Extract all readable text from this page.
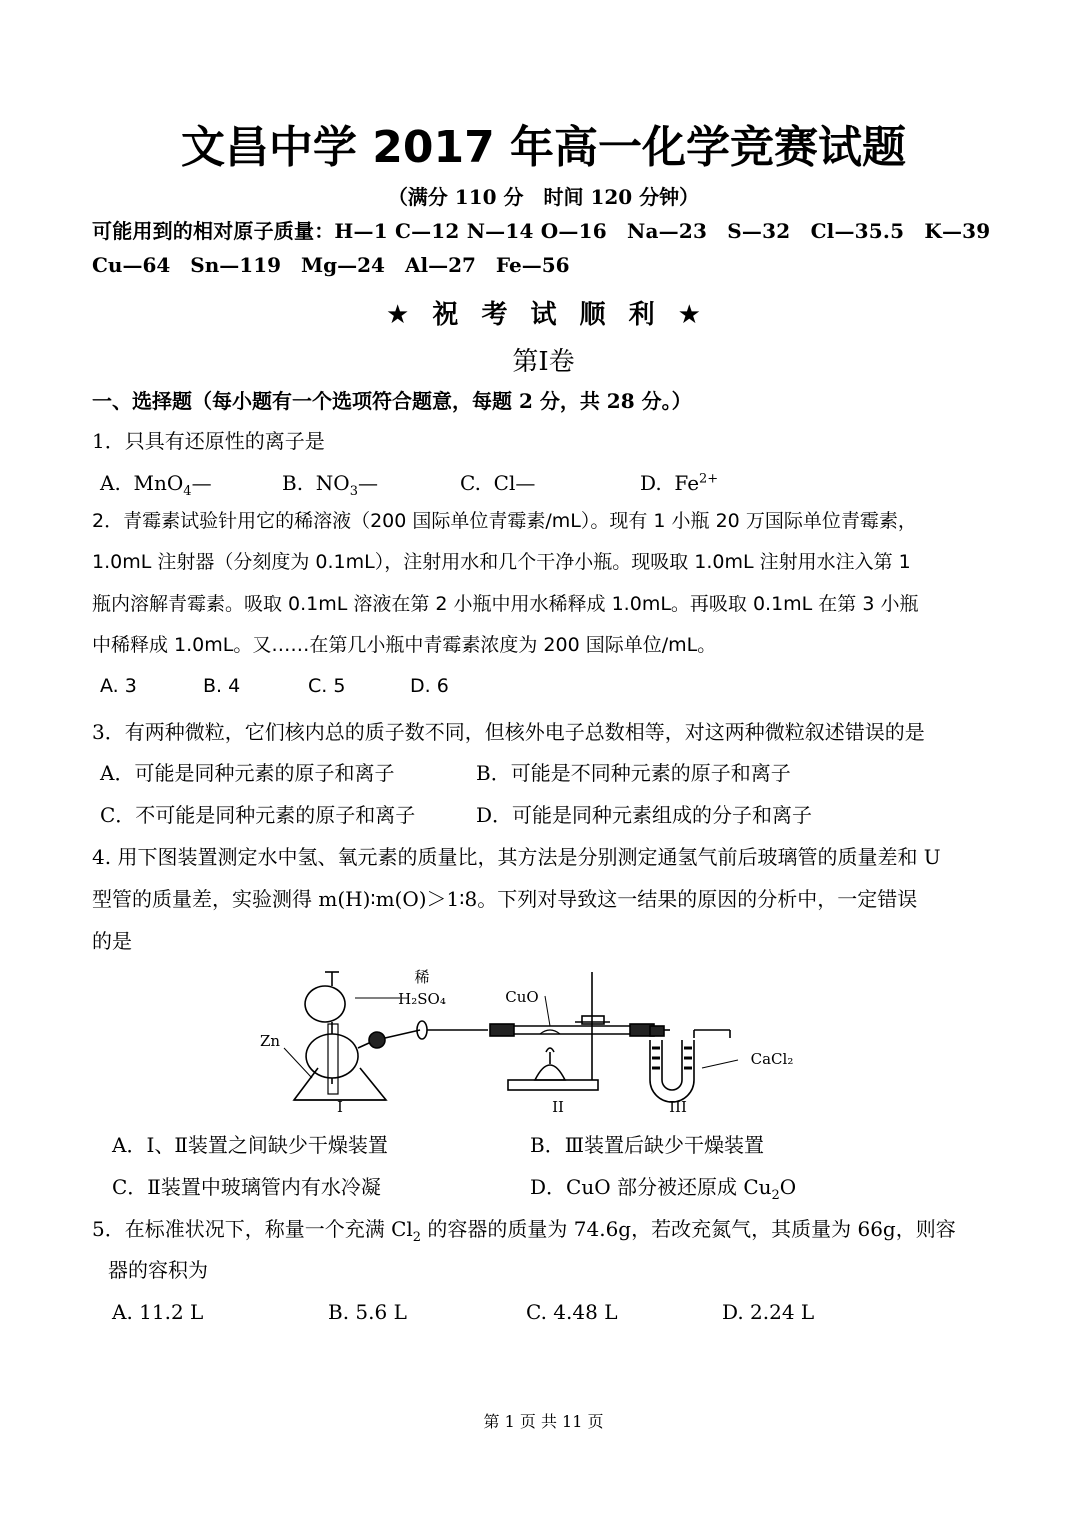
文昌中学 2017 年高一化学竞赛试题
（满分 110 分　时间 120 分钟）
可能用到的相对原子质量：H—1 C—12 N—14 O—16　Na—23　S—32　Cl—35.5　K—39
Cu—64　Sn—119　Mg—24　Al—27　Fe—56
★ 祝 考 试 顺 利 ★
第Ⅰ卷
一、选择题（每小题有一个选项符合题意，每题 2 分，共 28 分。）
1．只具有还原性的离子是
A. MnO$_4$—	B. $NO_3—$	C. Cl—	D. $Fe^{2+}$
2．青霉素试验针用它的稀溶液（200 国际单位青霉素/mL）。现有 1 小瓶 20 万国际单位青霉素，
1.0mL 注射器（分刻度为 0.1mL），注射用水和几个干净小瓶。现吸取 1.0mL 注射用水注入第 1
瓶内溶解青霉素。吸取 0.1mL 溶液在第 2 小瓶中用水稀释成 1.0mL。再吸取 0.1mL 在第 3 小瓶
中稀释成 1.0mL。又……在第几小瓶中青霉素浓度为 200 国际单位/mL。
A. 3	B. 4	C. 5	D. 6
3．有两种微粒，它们核内总的质子数不同，但核外电子总数相等，对这两种微粒叙述错误的是
A．可能是同种元素的原子和离子	B．可能是不同种元素的原子和离子
C．不可能是同种元素的原子和离子	D．可能是同种元素组成的分子和离子
4. 用下图装置测定水中氢、氧元素的质量比，其方法是分别测定通氢气前后玻璃管的质量差和 U
型管的质量差，实验测得 m(H)∶m(O)＞1∶8。下列对导致这一结果的原因的分析中，一定错误
的是
稀
H₂SO₄	CuO
Zn
CaCl₂
I	II	III
A．Ⅰ、Ⅱ装置之间缺少干燥装置	B．Ⅲ装置后缺少干燥装置
C．Ⅱ装置中玻璃管内有水冷凝	D．CuO 部分被还原成 $Cu_2O$
5．在标准状况下，称量一个充满 $Cl_2$ 的容器的质量为 74.6g，若改充氮气，其质量为 66g，则容
器的容积为
A. 11.2 L	B. 5.6 L	C. 4.48 L	D. 2.24 L
第 1 页 共 11 页
